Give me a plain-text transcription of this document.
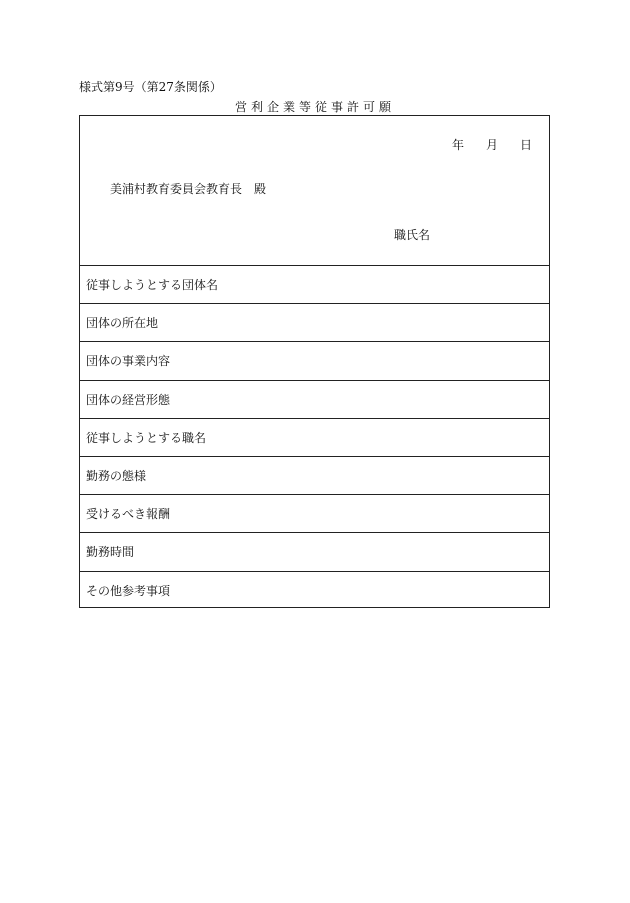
様式第9号（第27条関係）
営利企業等従事許可願
年 月 日
美浦村教育委員会教育長 殿
職氏名
従事しようとする団体名
団体の所在地
団体の事業内容
団体の経営形態
従事しようとする職名
勤務の態様
受けるべき報酬
勤務時間
その他参考事項
